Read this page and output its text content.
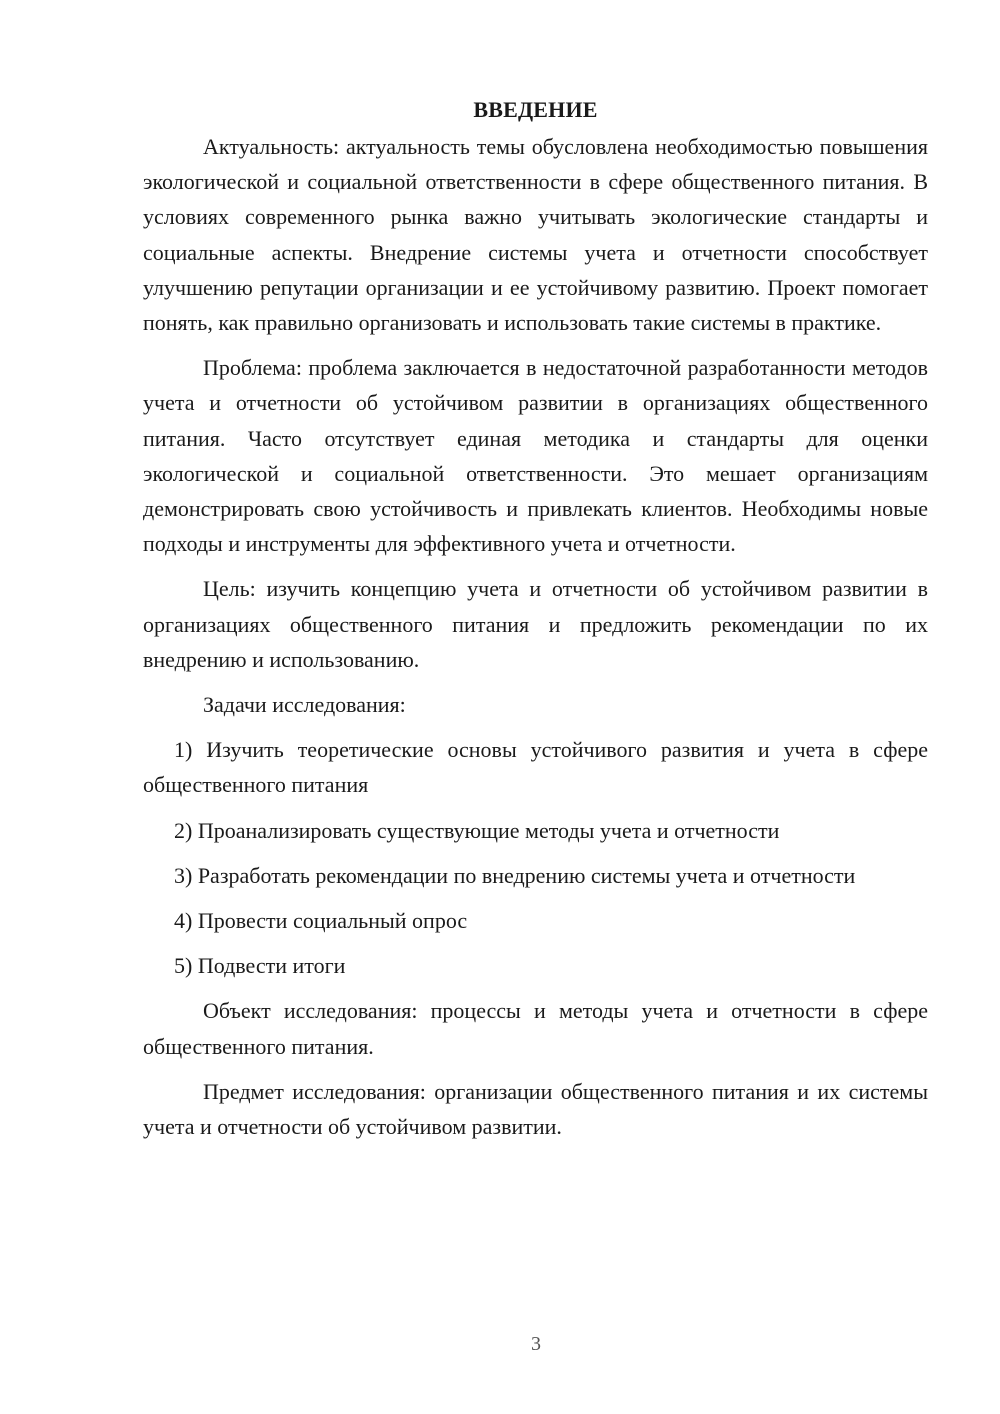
ВВЕДЕНИЕ

Актуальность: актуальность темы обусловлена необходимостью повышения экологической и социальной ответственности в сфере общественного питания. В условиях современного рынка важно учитывать экологические стандарты и социальные аспекты. Внедрение системы учета и отчетности способствует улучшению репутации организации и ее устойчивому развитию. Проект помогает понять, как правильно организовать и использовать такие системы в практике.

Проблема: проблема заключается в недостаточной разработанности методов учета и отчетности об устойчивом развитии в организациях общественного питания. Часто отсутствует единая методика и стандарты для оценки экологической и социальной ответственности. Это мешает организациям демонстрировать свою устойчивость и привлекать клиентов. Необходимы новые подходы и инструменты для эффективного учета и отчетности.

Цель: изучить концепцию учета и отчетности об устойчивом развитии в организациях общественного питания и предложить рекомендации по их внедрению и использованию.

Задачи исследования:

1) Изучить теоретические основы устойчивого развития и учета в сфере общественного питания

2) Проанализировать существующие методы учета и отчетности

3) Разработать рекомендации по внедрению системы учета и отчетности

4) Провести социальный опрос

5) Подвести итоги

Объект исследования: процессы и методы учета и отчетности в сфере общественного питания.

Предмет исследования: организации общественного питания и их системы учета и отчетности об устойчивом развитии.

3
